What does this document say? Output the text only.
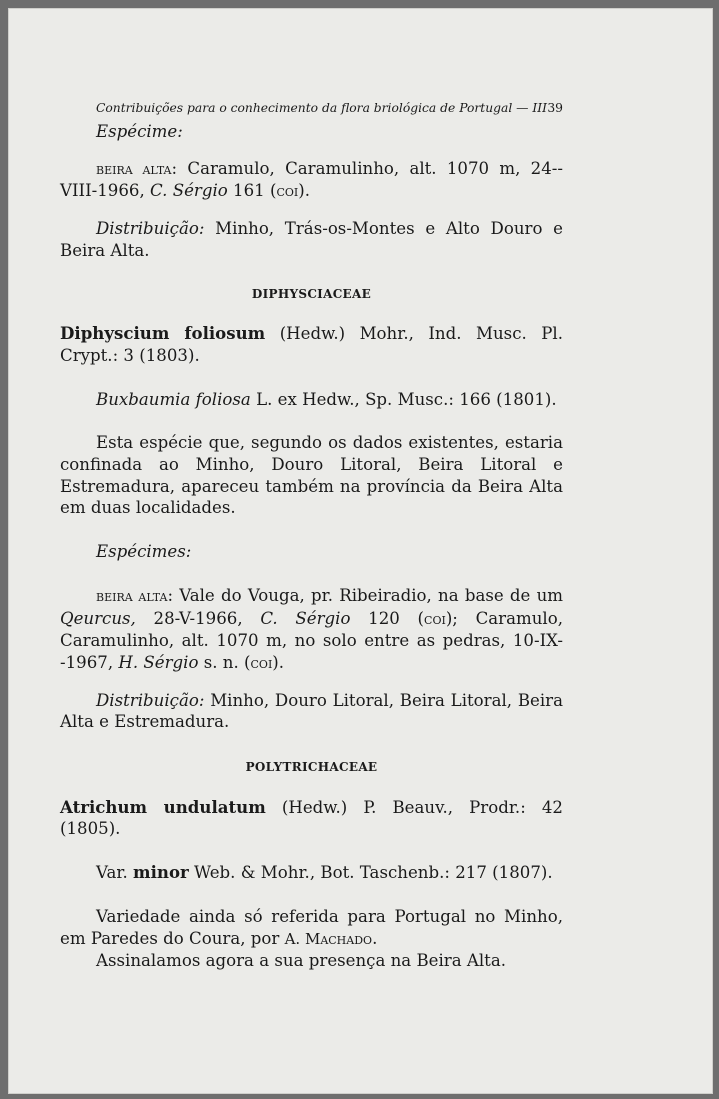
Contribuições para o conhecimento da flora briológica de Portugal — III 39

Espécime:

beira alta: Caramulo, Caramulinho, alt. 1070 m, 24--VIII-1966, C. Sérgio 161 (coi).

Distribuição: Minho, Trás-os-Montes e Alto Douro e Beira Alta.

DIPHYSCIACEAE

Diphyscium foliosum (Hedw.) Mohr., Ind. Musc. Pl. Crypt.: 3 (1803).

Buxbaumia foliosa L. ex Hedw., Sp. Musc.: 166 (1801).

Esta espécie que, segundo os dados existentes, estaria confinada ao Minho, Douro Litoral, Beira Litoral e Estremadura, apareceu também na província da Beira Alta em duas localidades.

Espécimes:

beira alta: Vale do Vouga, pr. Ribeiradio, na base de um Qeurcus, 28-V-1966, C. Sérgio 120 (coi); Caramulo, Caramulinho, alt. 1070 m, no solo entre as pedras, 10-IX--1967, H. Sérgio s. n. (coi).

Distribuição: Minho, Douro Litoral, Beira Litoral, Beira Alta e Estremadura.

POLYTRICHACEAE

Atrichum undulatum (Hedw.) P. Beauv., Prodr.: 42 (1805).

Var. minor Web. & Mohr., Bot. Taschenb.: 217 (1807).

Variedade ainda só referida para Portugal no Minho, em Paredes do Coura, por A. Machado.

Assinalamos agora a sua presença na Beira Alta.
